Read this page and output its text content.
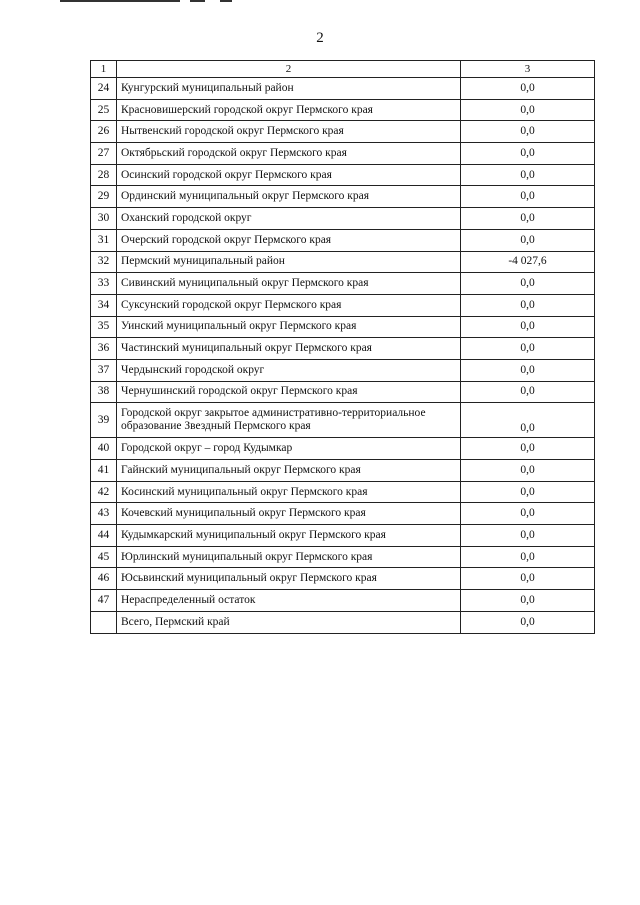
2
1	2	3
24	Кунгурский муниципальный район	0,0
25	Красновишерский городской округ Пермского края	0,0
26	Нытвенский городской округ Пермского края	0,0
27	Октябрьский городской округ Пермского края	0,0
28	Осинский городской округ Пермского края	0,0
29	Ординский муниципальный округ Пермского края	0,0
30	Оханский городской округ	0,0
31	Очерский городской округ Пермского края	0,0
32	Пермский муниципальный район	-4 027,6
33	Сивинский муниципальный округ Пермского края	0,0
34	Суксунский городской округ Пермского края	0,0
35	Уинский муниципальный округ Пермского края	0,0
36	Частинский муниципальный округ Пермского края	0,0
37	Чердынский городской округ	0,0
38	Чернушинский городской округ Пермского края	0,0
39	Городской округ закрытое административно-территориальное образование Звездный Пермского края	0,0
40	Городской округ – город Кудымкар	0,0
41	Гайнский муниципальный округ Пермского края	0,0
42	Косинский муниципальный округ Пермского края	0,0
43	Кочевский муниципальный округ Пермского края	0,0
44	Кудымкарский муниципальный округ Пермского края	0,0
45	Юрлинский муниципальный округ Пермского края	0,0
46	Юсьвинский муниципальный округ Пермского края	0,0
47	Нераспределенный остаток	0,0
	Всего, Пермский край	0,0
